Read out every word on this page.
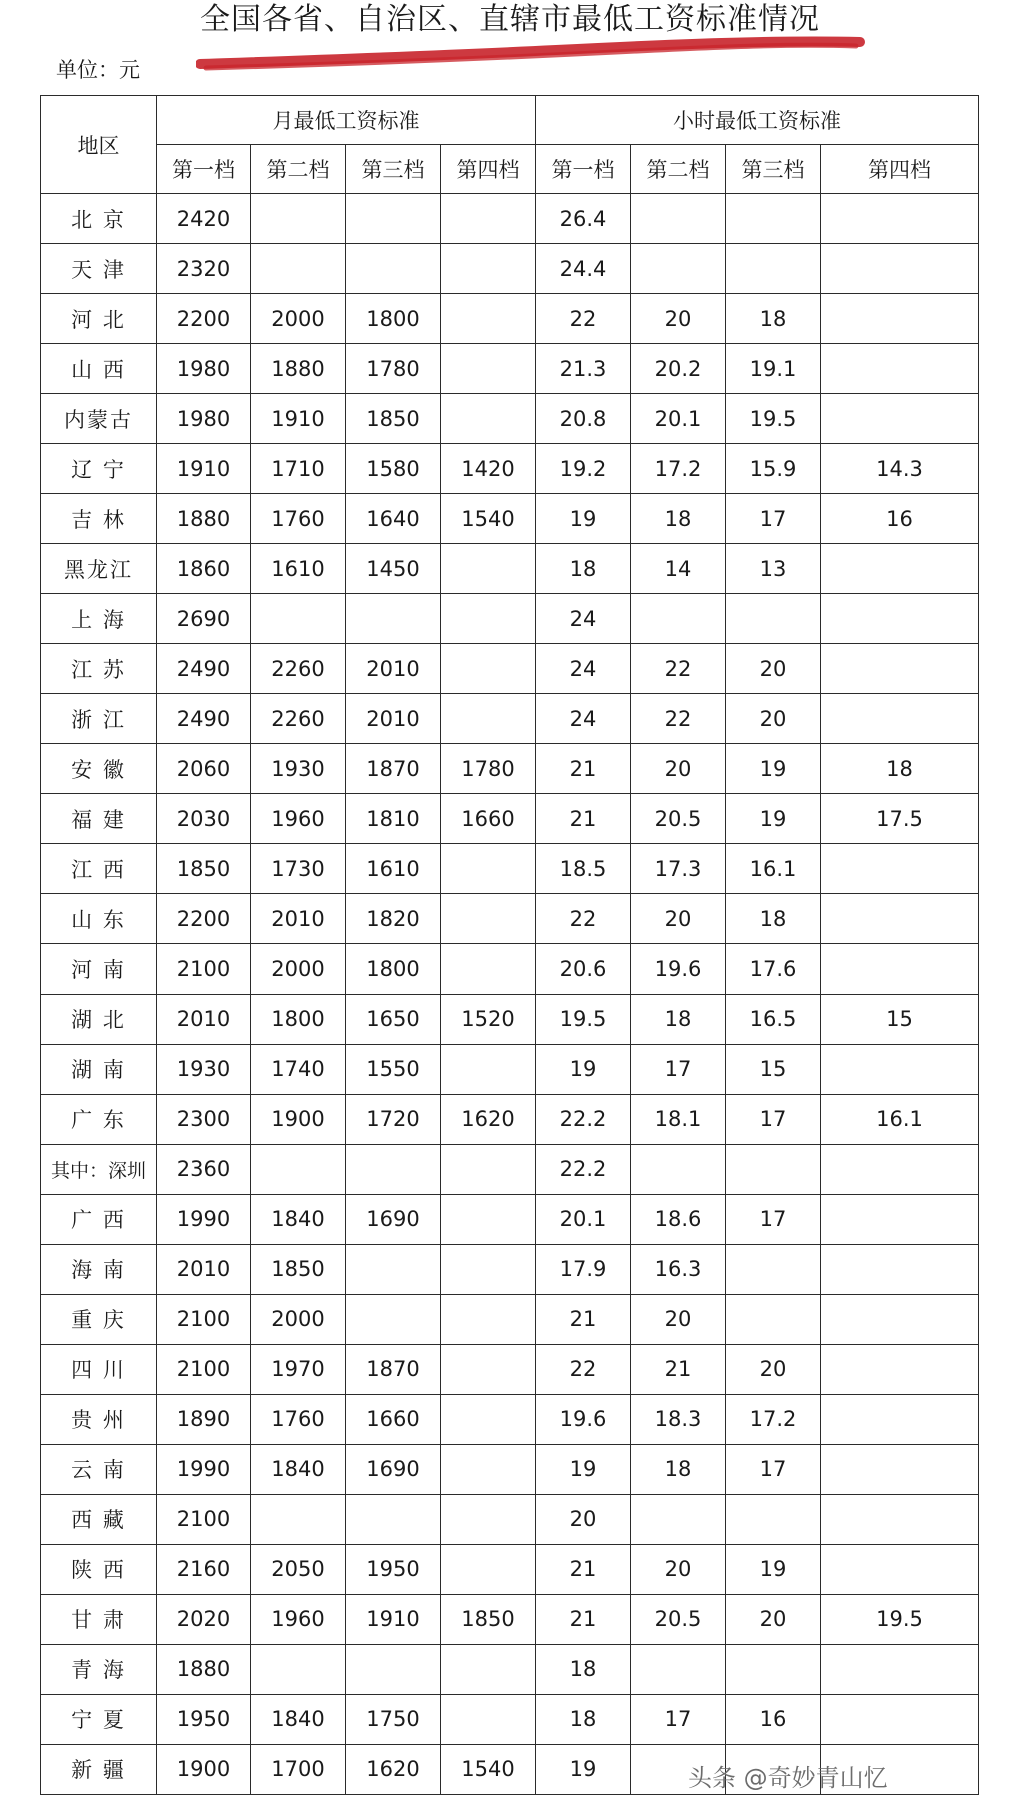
全国各省、自治区、直辖市最低工资标准情况
单位：元
地区	月最低工资标准				小时最低工资标准			
	第一档	第二档	第三档	第四档	第一档	第二档	第三档	第四档
北 京	2420				26.4			
天 津	2320				24.4			
河 北	2200	2000	1800		22	20	18	
山 西	1980	1880	1780		21.3	20.2	19.1	
内蒙古	1980	1910	1850		20.8	20.1	19.5	
辽 宁	1910	1710	1580	1420	19.2	17.2	15.9	14.3
吉 林	1880	1760	1640	1540	19	18	17	16
黑龙江	1860	1610	1450		18	14	13	
上 海	2690				24			
江 苏	2490	2260	2010		24	22	20	
浙 江	2490	2260	2010		24	22	20	
安 徽	2060	1930	1870	1780	21	20	19	18
福 建	2030	1960	1810	1660	21	20.5	19	17.5
江 西	1850	1730	1610		18.5	17.3	16.1	
山 东	2200	2010	1820		22	20	18	
河 南	2100	2000	1800		20.6	19.6	17.6	
湖 北	2010	1800	1650	1520	19.5	18	16.5	15
湖 南	1930	1740	1550		19	17	15	
广 东	2300	1900	1720	1620	22.2	18.1	17	16.1
其中：深圳	2360				22.2			
广 西	1990	1840	1690		20.1	18.6	17	
海 南	2010	1850			17.9	16.3		
重 庆	2100	2000			21	20		
四 川	2100	1970	1870		22	21	20	
贵 州	1890	1760	1660		19.6	18.3	17.2	
云 南	1990	1840	1690		19	18	17	
西 藏	2100				20			
陕 西	2160	2050	1950		21	20	19	
甘 肃	2020	1960	1910	1850	21	20.5	20	19.5
青 海	1880				18			
宁 夏	1950	1840	1750		18	17	16	
新 疆	1900	1700	1620	1540	19				头条 @奇妙青山忆
